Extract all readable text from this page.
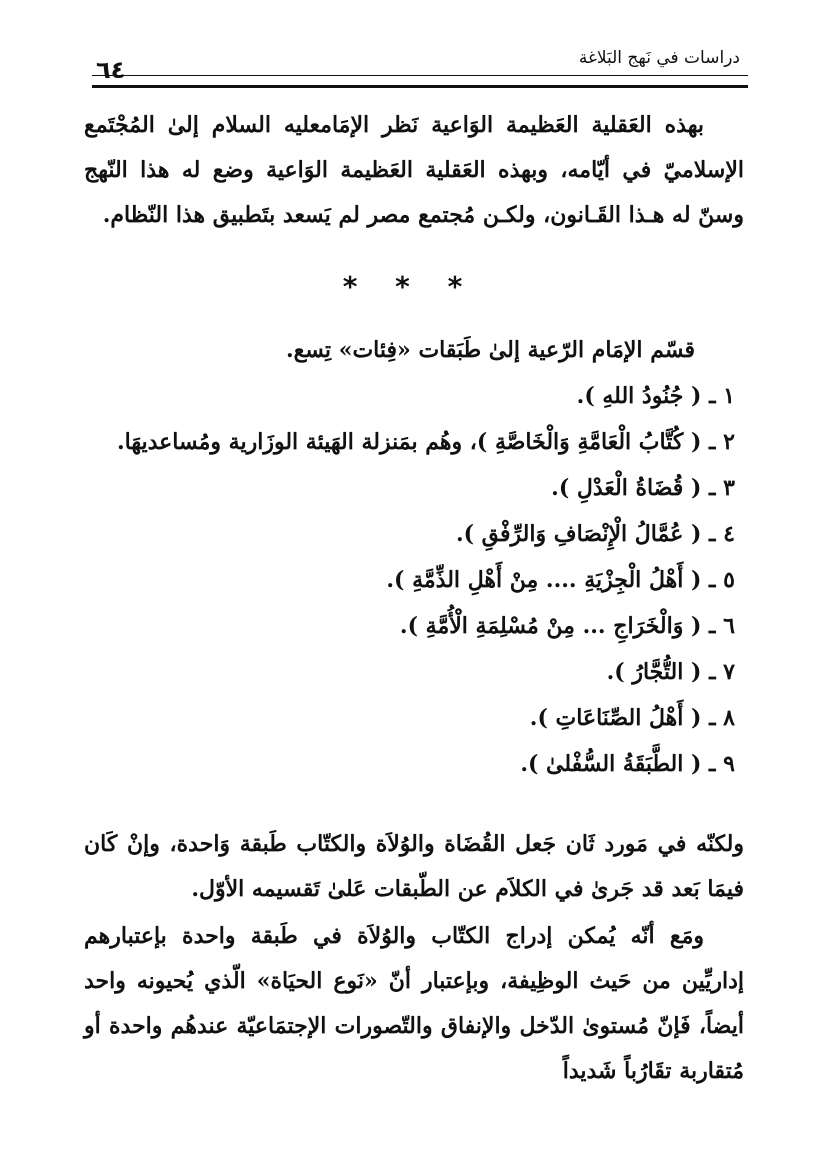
٦٤	دراسات في نَهج البَلاغة

بهذه العَقلية العَظيمة الوَاعية نَظر الإمَامعليه السلام إلىٰ المُجْتَمع الإسلاميّ في أيّامه، وبهذه العَقلية العَظيمة الوَاعية وضع له هذا النّهج وسنّ له هـذا القَـانون، ولكـن مُجتمع مصر لم يَسعد بتَطبيق هذا النّظام.

* * *

قسّم الإمَام الرّعية إلىٰ طَبَقات «فِئات» تِسع.

١ ـ ( جُنُودُ اللهِ ).
٢ ـ ( كُتَّابُ الْعَامَّةِ وَالْخَاصَّةِ )، وهُم بمَنزلة الهَيئة الوزَارية ومُساعديهَا.
٣ ـ ( قُضَاةُ الْعَدْلِ ).
٤ ـ ( عُمَّالُ الْإِنْصَافِ وَالرِّفْقِ ).
٥ ـ ( أَهْلُ الْجِزْيَةِ .... مِنْ أَهْلِ الذِّمَّةِ ).
٦ ـ ( وَالْخَرَاجِ ... مِنْ مُسْلِمَةِ الْأُمَّةِ ).
٧ ـ ( التُّجَّارُ ).
٨ ـ ( أَهْلُ الصِّنَاعَاتِ ).
٩ ـ ( الطَّبَقَةُ السُّفْلىٰ ).

ولكنّه في مَورد ثَان جَعل القُضَاة والوُلاَة والكتّاب طَبقة وَاحدة، وإنْ كَان فيمَا بَعد قد جَرىٰ في الكلاَم عن الطّبقات عَلىٰ تَقسيمه الأوّل.

ومَع أنّه يُمكن إدراج الكتّاب والوُلاَة في طَبقة واحدة بإعتبارهم إداريِّين من حَيث الوظِيفة، وبإعتبار أنّ «نَوع الحيَاة» الّذي يُحيونه واحد أيضاً، فَإنّ مُستوىٰ الدّخل والإنفاق والتّصورات الإجتمَاعيّة عندهُم واحدة أو مُتقاربة تقَارُباً شَديداً
